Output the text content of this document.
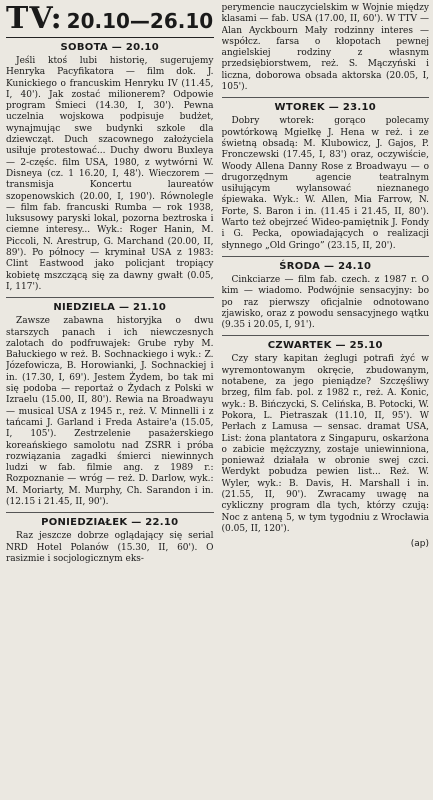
TV: 20.10—26.10
SOBOTA — 20.10

Jeśli ktoś lubi historię, sugerujemy Henryka Pacyfikatora — film dok. J. Kunickiego o francuskim Henryku IV (11.45, I, 40'). Jak zostać milionerem? Odpowie program Śmieci (14.30, I, 30'). Pewna uczelnia wojskowa podpisuje budżet, wynajmując swe budynki szkole dla dziewcząt. Duch szacownego założyciela usiłuje protestować... Duchy dworu Buxleya — 2-częśc. film USA, 1980, z wytwórni W. Disneya (cz. 1 16.20, I, 48'). Wieczorem — transmisja Koncertu laureatów szopenowskich (20.00, I, 190'). Równolegle — film fab. francuski Rumba — rok 1938, luksusowy paryski lokal, pozorna beztroska i ciemne interesy... Wyk.: Roger Hanin, M. Piccoli, N. Arestrup, G. Marchand (20.00, II, 89'). Po północy — kryminał USA z 1983: Clint Eastwood jako policjant tropiący kobietę mszczącą się za dawny gwałt (0.05, I, 117').

NIEDZIELA — 21.10

Zawsze zabawna historyjka o dwu starszych panach i ich niewczesnych zalotach do podfruwajek: Grube ryby M. Bałuckiego w reż. B. Sochnackiego i wyk.: Z. Józefowicza, B. Horowianki, J. Sochnackiej i in. (17.30, I, 69'). Jestem Żydem, bo tak mi się podoba — reportaż o Żydach z Polski w Izraelu (15.00, II, 80'). Rewia na Broadwayu — musical USA z 1945 r., reż. V. Minnelli i z tańcami J. Garland i Freda Astaire'a (15.05, I, 105'). Zestrzelenie pasażerskiego koreańskiego samolotu nad ZSRR i próba rozwiązania zagadki śmierci niewinnych ludzi w fab. filmie ang. z 1989 r.: Rozpoznanie — wróg — reż. D. Darlow, wyk.: M. Moriarty, M. Murphy, Ch. Sarandon i in. (12.15 i 21.45, II, 90').

PONIEDZIAŁEK — 22.10

Raz jeszcze dobrze oglądający się serial NRD Hotel Polanów (15.30, II, 60'). O rasizmie i socjologicznym eks-

perymencie nauczycielskim w Wojnie między klasami — fab. USA (17.00, II, 60'). W TTV — Alan Ayckbourn Mały rodzinny interes — współcz. farsa o kłopotach pewnej angielskiej rodziny z własnym przedsiębiorstwem, reż. S. Mączyński i liczna, doborowa obsada aktorska (20.05, I, 105').

WTOREK — 23.10

Dobry wtorek: gorąco polecamy powtórkową Mgiełkę J. Hena w reż. i ze świetną obsadą: M. Klubowicz, J. Gajos, P. Fronczewski (17.45, I, 83') oraz, oczywiście, Woody Allena Danny Rose z Broadwayu — o drugorzędnym agencie teatralnym usiłującym wylansować nieznanego śpiewaka. Wyk.: W. Allen, Mia Farrow, N. Forte, S. Baron i in. (11.45 i 21.45, II, 80'). Warto też obejrzeć Wideo-pamiętnik J. Fondy i G. Pecka, opowiadających o realizacji słynnego „Old Gringo” (23.15, II, 20').

ŚRODA — 24.10

Cinkciarze — film fab. czech. z 1987 r. O kim — wiadomo. Podwójnie sensacyjny: bo po raz pierwszy oficjalnie odnotowano zjawisko, oraz z powodu sensacyjnego wątku (9.35 i 20.05, I, 91').

CZWARTEK — 25.10

Czy stary kapitan żeglugi potrafi żyć w wyremontowanym okręcie, zbudowanym, notabene, za jego pieniądze? Szczęśliwy brzeg, film fab. pol. z 1982 r., reż. A. Konic, wyk.: B. Bińczycki, S. Celińska, B. Potocki, W. Pokora, L. Pietraszak (11.10, II, 95'). W Perłach z Lamusa — sensac. dramat USA, List: żona plantatora z Singapuru, oskarżona o zabicie mężczyzny, zostaje uniewinniona, ponieważ działała w obronie swej czci. Werdykt pobudza pewien list... Reż. W. Wyler, wyk.: B. Davis, H. Marshall i in. (21.55, II, 90'). Zwracamy uwagę na cykliczny program dla tych, którzy czują: Noc z anteną 5, w tym tygodniu z Wrocławia (0.05, II, 120').

(ap)
